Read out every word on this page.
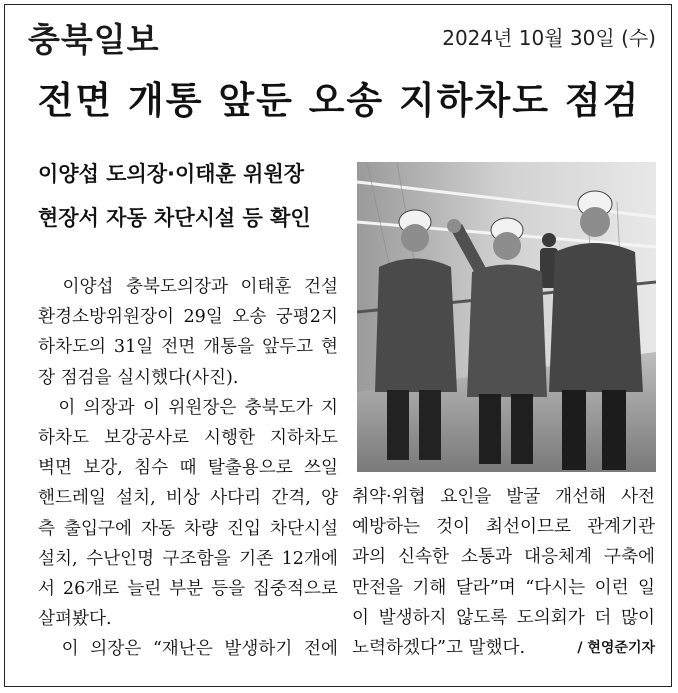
충북일보	2024년 10월 30일 (수)
전면 개통 앞둔 오송 지하차도 점검
이양섭 도의장·이태훈 위원장
현장서 자동 차단시설 등 확인

　이양섭 충북도의장과 이태훈 건설

환경소방위원장이 29일 오송 궁평2지

하차도의 31일 전면 개통을 앞두고 현

장 점검을 실시했다(사진).

　이 의장과 이 위원장은 충북도가 지

하차도 보강공사로 시행한 지하차도

벽면 보강, 침수 때 탈출용으로 쓰일

핸드레일 설치, 비상 사다리 간격, 양

측 출입구에 자동 차량 진입 차단시설

설치, 수난인명 구조함을 기존 12개에

서 26개로 늘린 부분 등을 집중적으로

살펴봤다.

　이 의장은 “재난은 발생하기 전에

취약·위협 요인을 발굴 개선해 사전

예방하는 것이 최선이므로 관계기관

과의 신속한 소통과 대응체계 구축에

만전을 기해 달라”며 “다시는 이런 일

이 발생하지 않도록 도의회가 더 많이

노력하겠다”고 말했다.	/ 현영준기자
